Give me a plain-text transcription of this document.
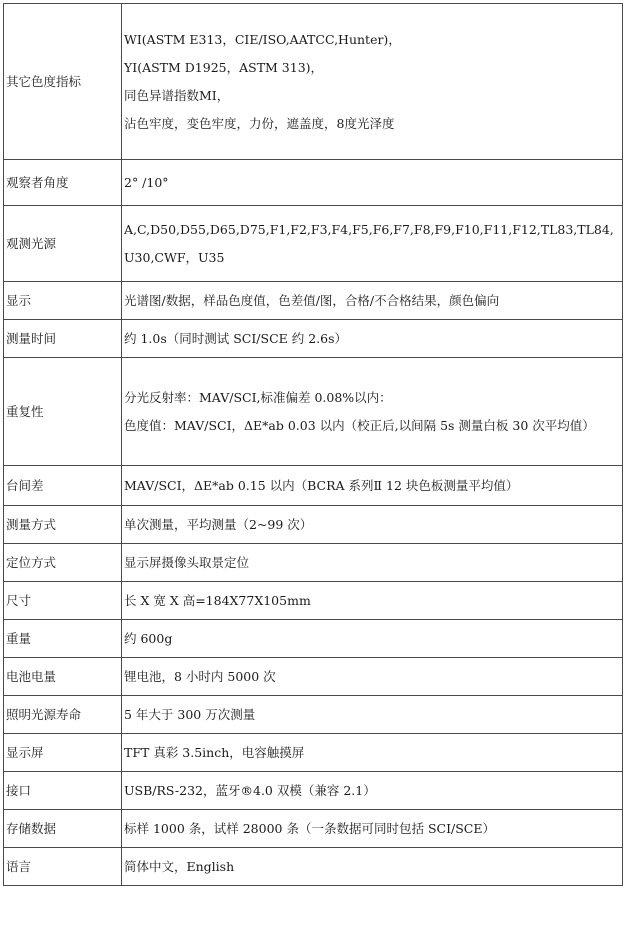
其它色度指标	WI(ASTM E313，CIE/ISO,AATCC,Hunter)，
YI(ASTM D1925，ASTM 313)，
同色异谱指数MI，
沾色牢度，变色牢度，力份，遮盖度，8度光泽度

观察者角度	2° /10°

观测光源	A,C,D50,D55,D65,D75,F1,F2,F3,F4,F5,F6,F7,F8,F9,F10,F11,F12,TL83,TL84,U30,CWF，U35

显示	光谱图/数据，样品色度值，色差值/图，合格/不合格结果，颜色偏向

测量时间	约 1.0s（同时测试 SCI/SCE 约 2.6s）

重复性	分光反射率：MAV/SCI,标准偏差 0.08%以内：
色度值：MAV/SCI，ΔE*ab 0.03 以内（校正后,以间隔 5s 测量白板 30 次平均值）

台间差	MAV/SCI，ΔE*ab 0.15 以内（BCRA 系列Ⅱ 12 块色板测量平均值）

测量方式	单次测量，平均测量（2~99 次）

定位方式	显示屏摄像头取景定位

尺寸	长 X 宽 X 高=184X77X105mm

重量	约 600g

电池电量	锂电池，8 小时内 5000 次

照明光源寿命	5 年大于 300 万次测量

显示屏	TFT 真彩 3.5inch，电容触摸屏

接口	USB/RS-232，蓝牙®4.0 双模（兼容 2.1）

存储数据	标样 1000 条，试样 28000 条（一条数据可同时包括 SCI/SCE）

语言	简体中文，English
